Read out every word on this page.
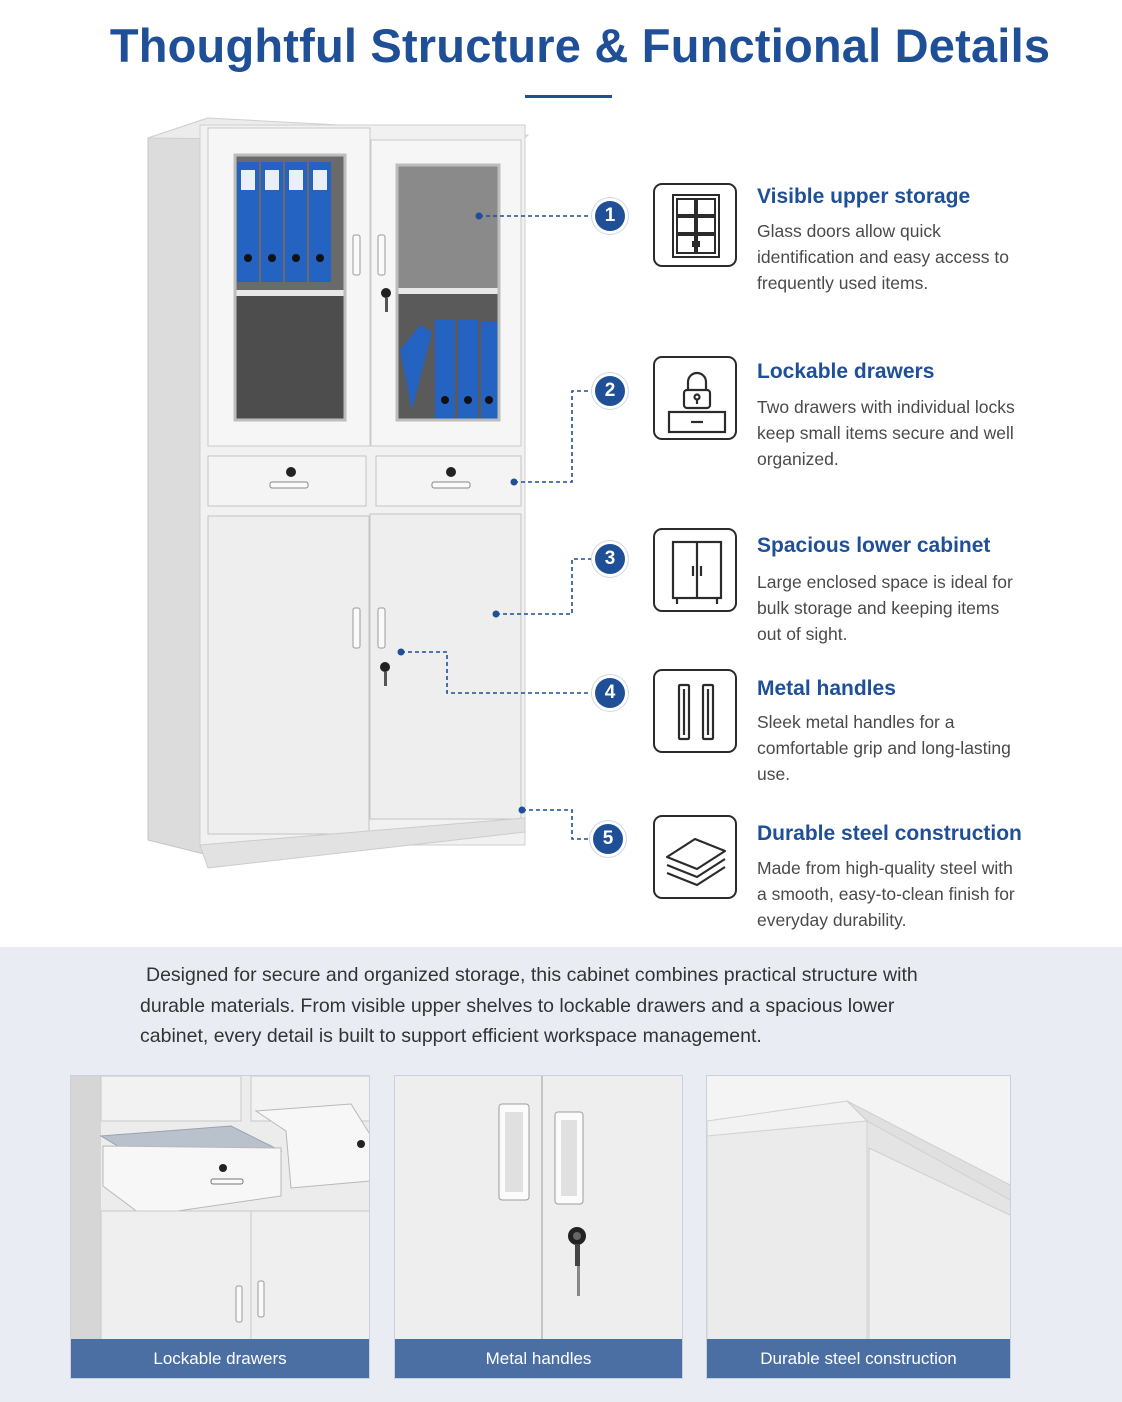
Thoughtful Structure & Functional Details
1
2
3
4
5
Visible upper storage
Glass doors allow quick identification and easy access to frequently used items.
Lockable drawers
Two drawers with individual locks keep small items secure and well organized.
Spacious lower cabinet
Large enclosed space is ideal for bulk storage and keeping items out of sight.
Metal handles
Sleek metal handles for a comfortable grip and long-lasting use.
Durable steel construction
Made from high-quality steel with a smooth, easy-to-clean finish for everyday durability.
Designed for secure and organized storage, this cabinet combines practical structure with durable materials. From visible upper shelves to lockable drawers and a spacious lower cabinet, every detail is built to support efficient workspace management.
Lockable drawers	Metal handles	Durable steel construction
